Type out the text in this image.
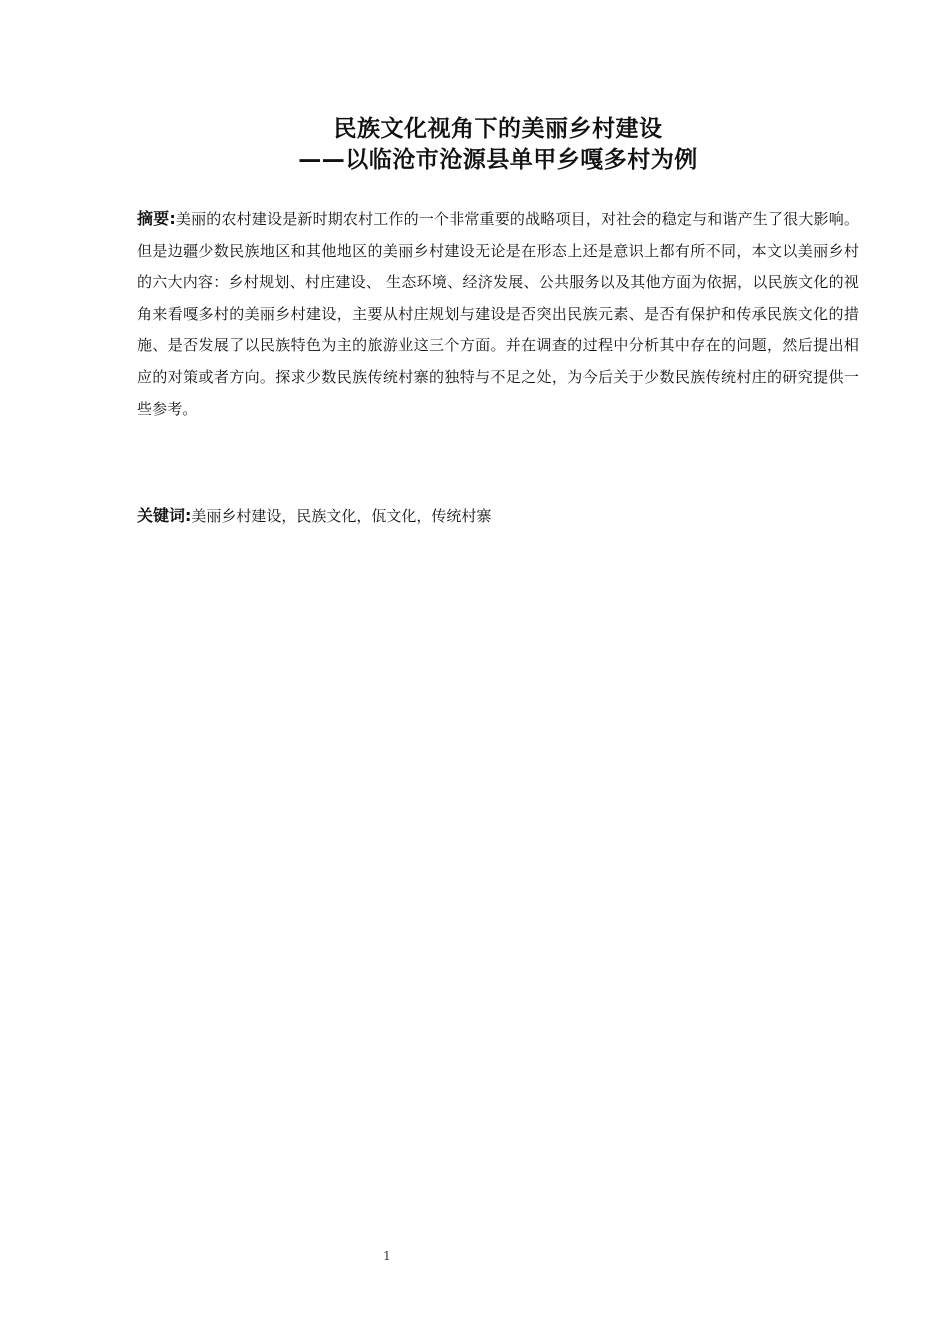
民族文化视角下的美丽乡村建设
——以临沧市沧源县单甲乡嘎多村为例
摘要:美丽的农村建设是新时期农村工作的一个非常重要的战略项目，对社会的稳定与和谐产生了很大影响。但是边疆少数民族地区和其他地区的美丽乡村建设无论是在形态上还是意识上都有所不同，本文以美丽乡村的六大内容：乡村规划、村庄建设、 生态环境、经济发展、公共服务以及其他方面为依据，以民族文化的视角来看嘎多村的美丽乡村建设，主要从村庄规划与建设是否突出民族元素、是否有保护和传承民族文化的措施、是否发展了以民族特色为主的旅游业这三个方面。并在调查的过程中分析其中存在的问题，然后提出相应的对策或者方向。探求少数民族传统村寨的独特与不足之处，为今后关于少数民族传统村庄的研究提供一些参考。
关键词:美丽乡村建设，民族文化，佤文化，传统村寨
1
